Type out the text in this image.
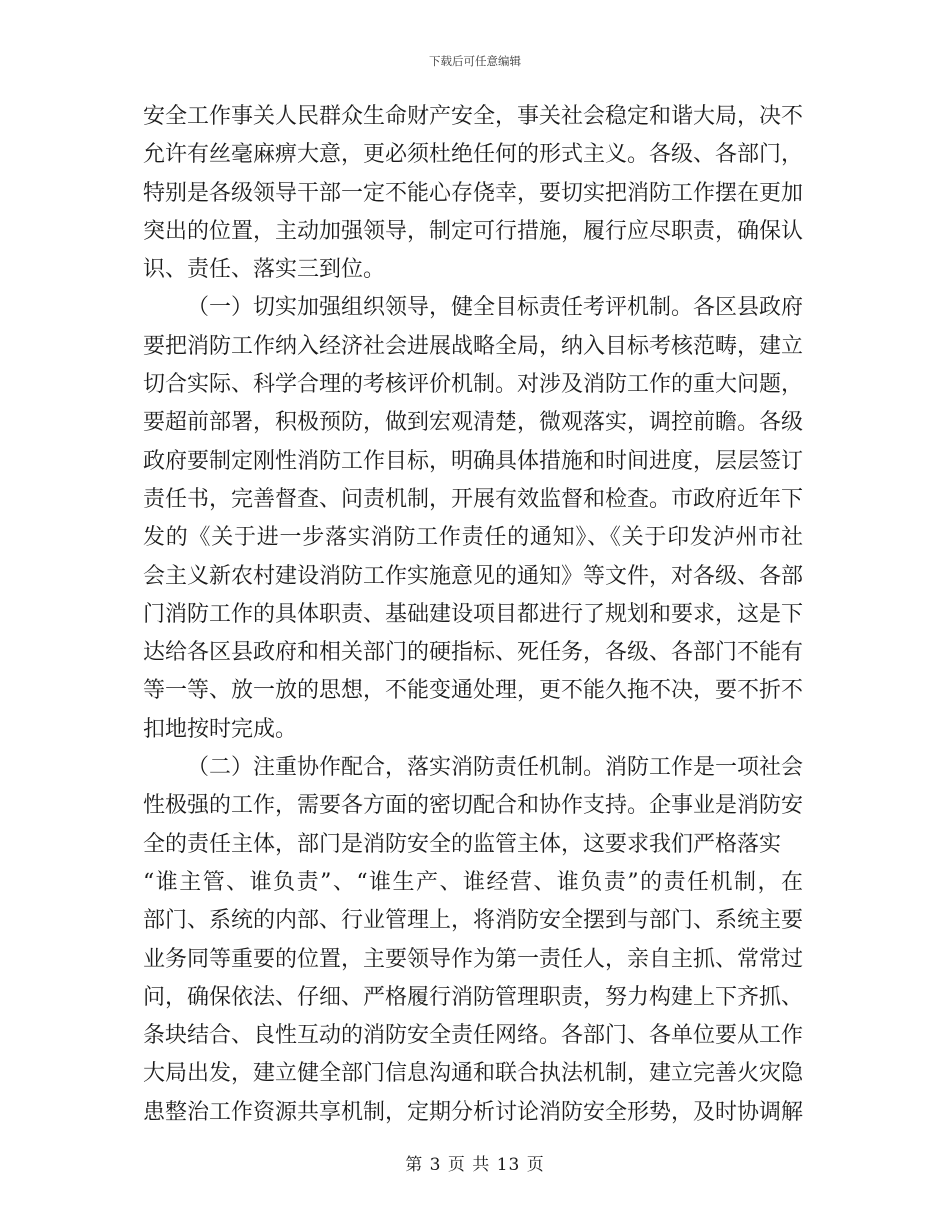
下载后可任意编辑
安全工作事关人民群众生命财产安全，事关社会稳定和谐大局，决不
允许有丝毫麻痹大意，更必须杜绝任何的形式主义。各级、各部门，
特别是各级领导干部一定不能心存侥幸，要切实把消防工作摆在更加
突出的位置，主动加强领导，制定可行措施，履行应尽职责，确保认
识、责任、落实三到位。
（一）切实加强组织领导，健全目标责任考评机制。各区县政府
要把消防工作纳入经济社会进展战略全局，纳入目标考核范畴，建立
切合实际、科学合理的考核评价机制。对涉及消防工作的重大问题，
要超前部署，积极预防，做到宏观清楚，微观落实，调控前瞻。各级
政府要制定刚性消防工作目标，明确具体措施和时间进度，层层签订
责任书，完善督查、问责机制，开展有效监督和检查。市政府近年下
发的《关于进一步落实消防工作责任的通知》、《关于印发泸州市社
会主义新农村建设消防工作实施意见的通知》等文件，对各级、各部
门消防工作的具体职责、基础建设项目都进行了规划和要求，这是下
达给各区县政府和相关部门的硬指标、死任务，各级、各部门不能有
等一等、放一放的思想，不能变通处理，更不能久拖不决，要不折不
扣地按时完成。
（二）注重协作配合，落实消防责任机制。消防工作是一项社会
性极强的工作，需要各方面的密切配合和协作支持。企事业是消防安
全的责任主体，部门是消防安全的监管主体，这要求我们严格落实
“谁主管、谁负责”、“谁生产、谁经营、谁负责”的责任机制，在
部门、系统的内部、行业管理上，将消防安全摆到与部门、系统主要
业务同等重要的位置，主要领导作为第一责任人，亲自主抓、常常过
问，确保依法、仔细、严格履行消防管理职责，努力构建上下齐抓、
条块结合、良性互动的消防安全责任网络。各部门、各单位要从工作
大局出发，建立健全部门信息沟通和联合执法机制，建立完善火灾隐
患整治工作资源共享机制，定期分析讨论消防安全形势，及时协调解
第 3 页 共 13 页
